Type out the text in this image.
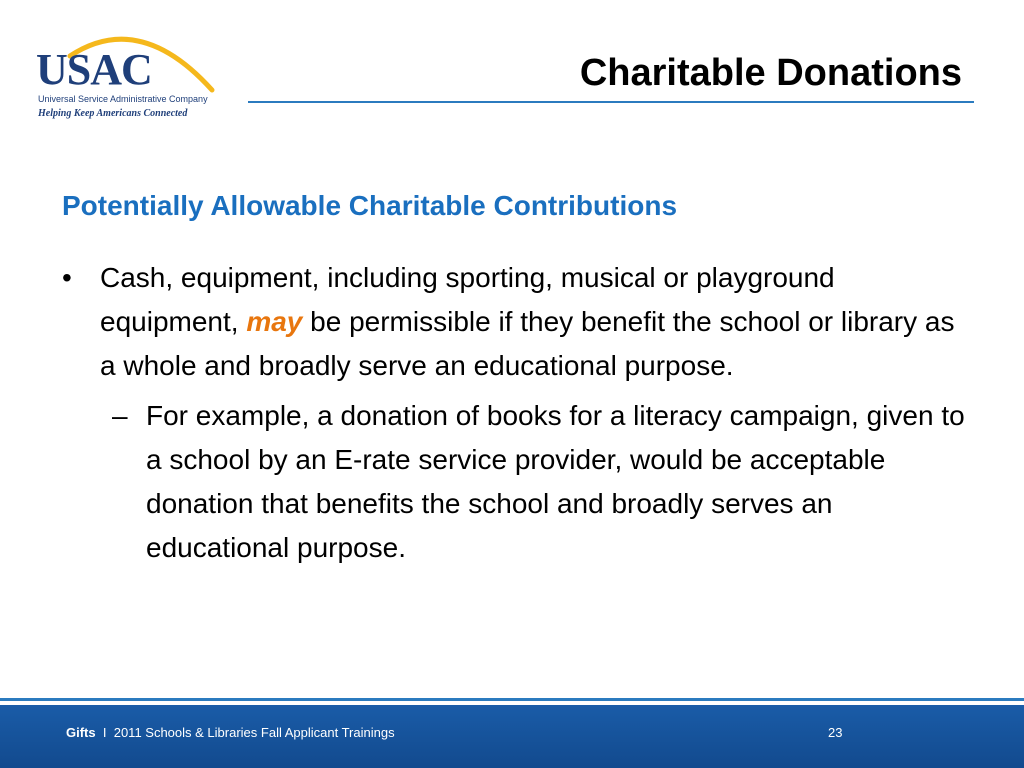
USAC
Universal Service Administrative Company
Helping Keep Americans Connected
Charitable Donations
Potentially Allowable Charitable Contributions
• Cash, equipment, including sporting, musical or playground equipment, may be permissible if they benefit the school or library as a whole and broadly serve an educational purpose.
– For example, a donation of books for a literacy campaign, given to a school by an E-rate service provider, would be acceptable donation that benefits the school and broadly serves an educational purpose.
Gifts I 2011 Schools & Libraries Fall Applicant Trainings	23
